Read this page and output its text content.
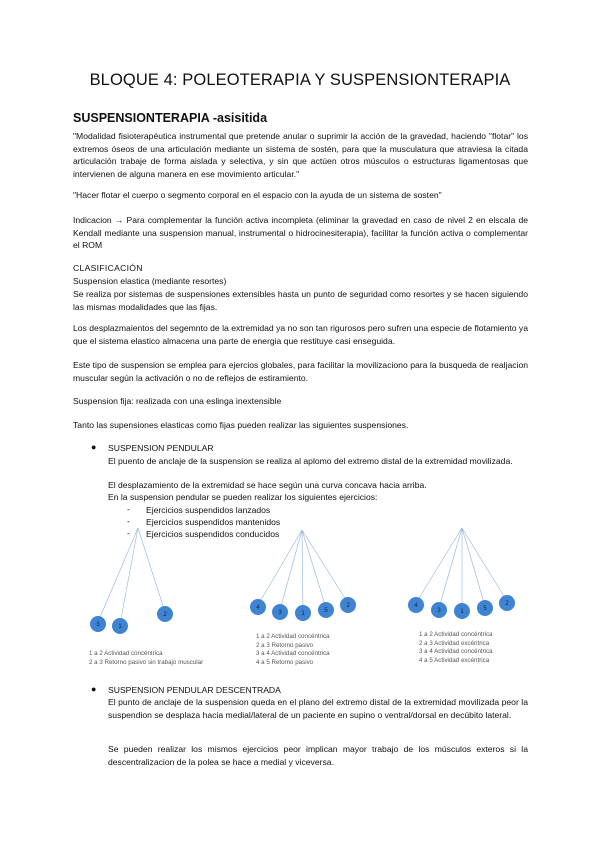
BLOQUE 4: POLEOTERAPIA Y SUSPENSIONTERAPIA
SUSPENSIONTERAPIA -asisitida
"Modalidad fisioterapéutica instrumental que pretende anular o suprimir la acción de la gravedad, haciendo "flotar" los extremos óseos de una articulación mediante un sistema de sostén, para que la musculatura que atraviesa la citada articulación trabaje de forma aislada y selectiva, y sin que actúen otros músculos o estructuras ligamentosas que intervienen de alguna manera en ese movimiento articular."
"Hacer flotar el cuerpo o segmento corporal en el espacio con la ayuda de un sistema de sosten"
Indicacion → Para complementar la función activa incompleta (eliminar la gravedad en caso de nivel 2 en elscala de Kendall mediante una suspension manual, instrumental o hidrocinesiterapia), facilitar la función activa o complementar el ROM
CLASIFICACIÓN
Suspension elastica (mediante resortes)
Se realiza por sistemas de suspensiones extensibles hasta un punto de seguridad como resortes y se hacen siguiendo las mismas modalidades que las fijas.
Los desplazmaientos del segemnto de la extremidad ya no son tan rigurosos pero sufren una especie de flotamiento ya que el sistema elastico almacena una parte de energia que restituye casi enseguida.
Este tipo de suspension se emplea para ejercios globales, para facilitar la movilizaciono para la busqueda de realjacion muscular según la activación o no de reflejos de estiramiento.
Suspension fija: realizada con una eslinga inextensible
Tanto las supensiones elasticas como fijas pueden realizar las siguientes suspensiones.
● SUSPENSION PENDULAR
El puento de anclaje de la suspension se realiza al aplomo del extremo distal de la extremidad movilizada.
El desplazamiento de la extremidad se hace según una curva concava hacia arriba.
En la suspension pendular se pueden realizar los siguientes ejercicios:
- Ejercicios suspendidos lanzados
- Ejercicios suspendidos mantenidos
- Ejercicios suspendidos conducidos
3	1
2
4
3	1	5
2	4
3	1	5
2
1 a 2 Actividad concéntrica
2 a 3 Retorno pasivo sin trabajo muscular
1 a 2 Actividad concéntrica
2 a 3 Retorno pasivo
3 a 4 Actividad concéntrica
4 a 5 Retorno pasivo
1 a 2 Actividad concéntrica
2 a 3 Actividad excéntrica
3 a 4 Actividad concéntrica
4 a 5 Actividad excéntrica
● SUSPENSION PENDULAR DESCENTRADA
El punto de anclaje de la suspension queda en el plano del extremo distal de la extremidad movilizada peor la suspendion se desplaza hacia medial/lateral de un paciente en supino o ventral/dorsal en decúbito lateral.
Se pueden realizar los mismos ejercicios peor implican mayor trabajo de los músculos exteros si la descentralizacion de la polea se hace a medial y viceversa.
